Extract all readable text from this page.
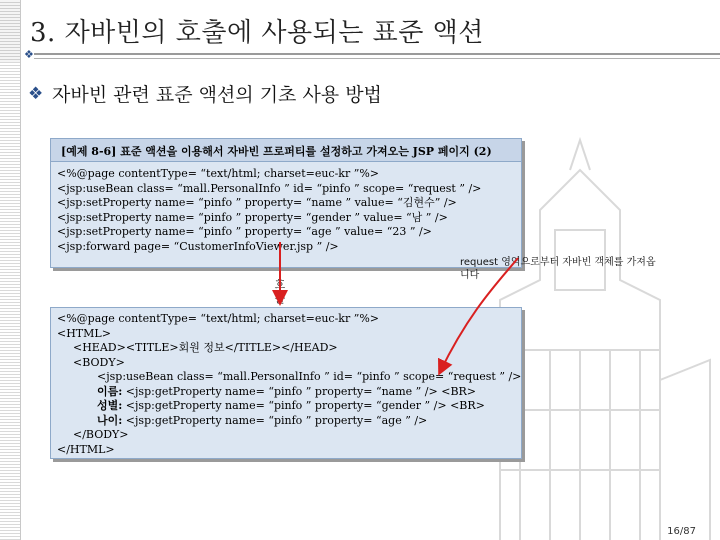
3. 자바빈의 호출에 사용되는 표준 액션
❖
❖ 자바빈 관련 표준 액션의 기초 사용 방법
[예제 8-6] 표준 액션을 이용해서 자바빈 프로퍼티를 설정하고 가져오는 JSP 페이지 (2)
<%@page contentType= “text/html; charset=euc-kr ”%>
<jsp:useBean class= “mall.PersonalInfo ” id= “pinfo ” scope= “request ” />
<jsp:setProperty name= “pinfo ” property= “name ” value= “김현수” />
<jsp:setProperty name= “pinfo ” property= “gender ” value= “남 ” />
<jsp:setProperty name= “pinfo ” property= “age ” value= “23 ” />
<jsp:forward page= “CustomerInfoViewer.jsp ” />
호출
request 영역으로부터 자바빈 객체를 가져옵니다
<%@page contentType= “text/html; charset=euc-kr ”%>
<HTML>
<HEAD><TITLE>회원 정보</TITLE></HEAD>
<BODY>
<jsp:useBean class= “mall.PersonalInfo ” id= “pinfo ” scope= “request ” />
이름: <jsp:getProperty name= “pinfo ” property= “name ” /> <BR>
성별: <jsp:getProperty name= “pinfo ” property= “gender ” /> <BR>
나이: <jsp:getProperty name= “pinfo ” property= “age ” />
</BODY>
</HTML>
16/87
